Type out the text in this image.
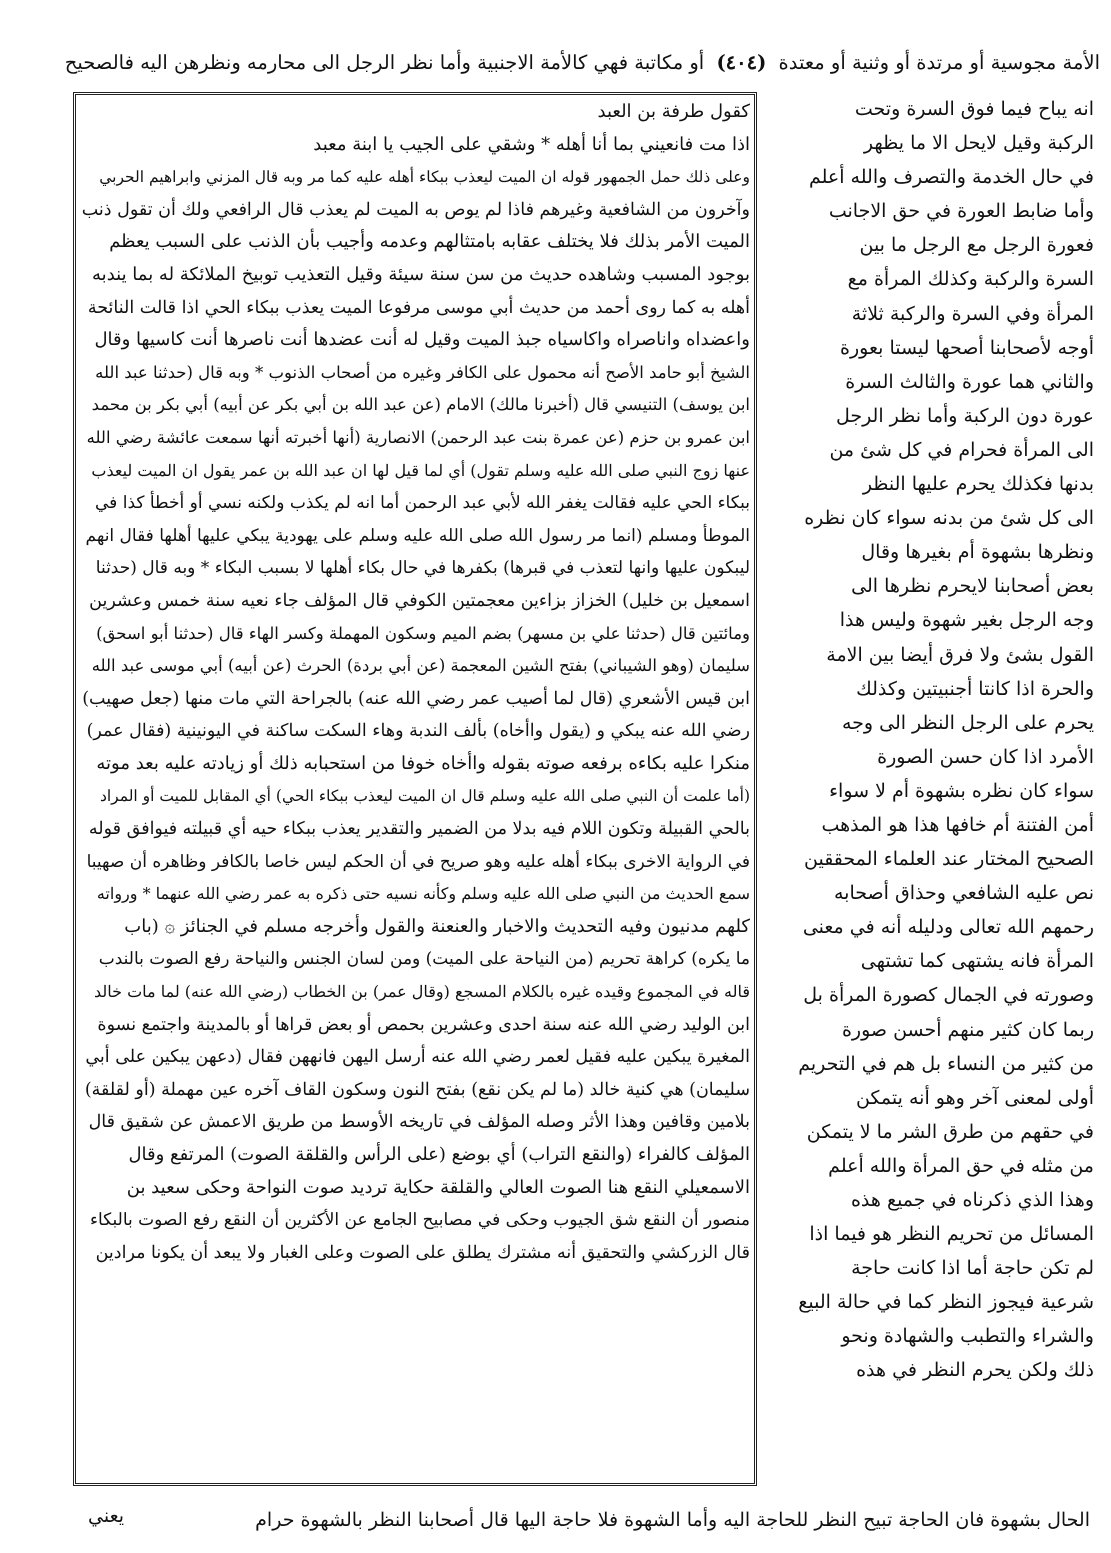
الأمة مجوسية أو مرتدة أو وثنية أو معتدة (٤٠٤) أو مكاتبة فهي كالأمة الاجنبية وأما نظر الرجل الى محارمه ونظرهن اليه فالصحيح
انه يباح فيما فوق السرة وتحت
الركبة وقيل لايحل الا ما يظهر
في حال الخدمة والتصرف والله أعلم
وأما ضابط العورة في حق الاجانب
فعورة الرجل مع الرجل ما بين
السرة والركبة وكذلك المرأة مع
المرأة وفي السرة والركبة ثلاثة
أوجه لأصحابنا أصحها ليستا بعورة
والثاني هما عورة والثالث السرة
عورة دون الركبة وأما نظر الرجل
الى المرأة فحرام في كل شئ من
بدنها فكذلك يحرم عليها النظر
الى كل شئ من بدنه سواء كان نظره
ونظرها بشهوة أم بغيرها وقال
بعض أصحابنا لايحرم نظرها الى
وجه الرجل بغير شهوة وليس هذا
القول بشئ ولا فرق أيضا بين الامة
والحرة اذا كانتا أجنبيتين وكذلك
يحرم على الرجل النظر الى وجه
الأمرد اذا كان حسن الصورة
سواء كان نظره بشهوة أم لا سواء
أمن الفتنة أم خافها هذا هو المذهب
الصحيح المختار عند العلماء المحققين
نص عليه الشافعي وحذاق أصحابه
رحمهم الله تعالى ودليله أنه في معنى
المرأة فانه يشتهى كما تشتهى
وصورته في الجمال كصورة المرأة بل
ربما كان كثير منهم أحسن صورة
من كثير من النساء بل هم في التحريم
أولى لمعنى آخر وهو أنه يتمكن
في حقهم من طرق الشر ما لا يتمكن
من مثله في حق المرأة والله أعلم
وهذا الذي ذكرناه في جميع هذه
المسائل من تحريم النظر هو فيما اذا
لم تكن حاجة أما اذا كانت حاجة
شرعية فيجوز النظر كما في حالة البيع
والشراء والتطبب والشهادة ونحو
ذلك ولكن يحرم النظر في هذه
كقول طرفة بن العبد
اذا مت فانعيني بما أنا أهله * وشقي على الجيب يا ابنة معبد
وعلى ذلك حمل الجمهور قوله ان الميت ليعذب ببكاء أهله عليه كما مر وبه قال المزني وابراهيم الحربي
وآخرون من الشافعية وغيرهم فاذا لم يوص به الميت لم يعذب قال الرافعي ولك أن تقول ذنب
الميت الأمر بذلك فلا يختلف عقابه بامتثالهم وعدمه وأجيب بأن الذنب على السبب يعظم
بوجود المسبب وشاهده حديث من سن سنة سيئة وقيل التعذيب توبيخ الملائكة له بما يندبه
أهله به كما روى أحمد من حديث أبي موسى مرفوعا الميت يعذب ببكاء الحي اذا قالت النائحة
واعضداه واناصراه واكاسياه جبذ الميت وقيل له أنت عضدها أنت ناصرها أنت كاسيها وقال
الشيخ أبو حامد الأصح أنه محمول على الكافر وغيره من أصحاب الذنوب * وبه قال (حدثنا عبد الله
ابن يوسف) التنيسي قال (أخبرنا مالك) الامام (عن عبد الله بن أبي بكر عن أبيه) أبي بكر بن محمد
ابن عمرو بن حزم (عن عمرة بنت عبد الرحمن) الانصارية (أنها أخبرته أنها سمعت عائشة رضي الله
عنها زوج النبي صلى الله عليه وسلم تقول) أي لما قيل لها ان عبد الله بن عمر يقول ان الميت ليعذب
ببكاء الحي عليه فقالت يغفر الله لأبي عبد الرحمن أما انه لم يكذب ولكنه نسي أو أخطأ كذا في
الموطأ ومسلم (انما مر رسول الله صلى الله عليه وسلم على يهودية يبكي عليها أهلها فقال انهم
ليبكون عليها وانها لتعذب في قبرها) بكفرها في حال بكاء أهلها لا بسبب البكاء * وبه قال (حدثنا
اسمعيل بن خليل) الخزاز بزاءين معجمتين الكوفي قال المؤلف جاء نعيه سنة خمس وعشرين
ومائتين قال (حدثنا علي بن مسهر) بضم الميم وسكون المهملة وكسر الهاء قال (حدثنا أبو اسحق)
سليمان (وهو الشيباني) بفتح الشين المعجمة (عن أبي بردة) الحرث (عن أبيه) أبي موسى عبد الله
ابن قيس الأشعري (قال لما أصيب عمر رضي الله عنه) بالجراحة التي مات منها (جعل صهيب)
رضي الله عنه يبكي و (يقول واأخاه) بألف الندبة وهاء السكت ساكنة في اليونينية (فقال عمر)
منكرا عليه بكاءه برفعه صوته بقوله واأخاه خوفا من استحبابه ذلك أو زيادته عليه بعد موته
(أما علمت أن النبي صلى الله عليه وسلم قال ان الميت ليعذب ببكاء الحي) أي المقابل للميت أو المراد
بالحي القبيلة وتكون اللام فيه بدلا من الضمير والتقدير يعذب ببكاء حيه أي قبيلته فيوافق قوله
في الرواية الاخرى ببكاء أهله عليه وهو صريح في أن الحكم ليس خاصا بالكافر وظاهره أن صهيبا
سمع الحديث من النبي صلى الله عليه وسلم وكأنه نسيه حتى ذكره به عمر رضي الله عنهما * ورواته
كلهم مدنيون وفيه التحديث والاخبار والعنعنة والقول وأخرجه مسلم في الجنائز ۞ (باب
ما يكره) كراهة تحريم (من النياحة على الميت) ومن لسان الجنس والنياحة رفع الصوت بالندب
قاله في المجموع وقيده غيره بالكلام المسجع (وقال عمر) بن الخطاب (رضي الله عنه) لما مات خالد
ابن الوليد رضي الله عنه سنة احدى وعشرين بحمص أو بعض قراها أو بالمدينة واجتمع نسوة
المغيرة يبكين عليه فقيل لعمر رضي الله عنه أرسل اليهن فانههن فقال (دعهن يبكين على أبي
سليمان) هي كنية خالد (ما لم يكن نقع) بفتح النون وسكون القاف آخره عين مهملة (أو لقلقة)
بلامين وقافين وهذا الأثر وصله المؤلف في تاريخه الأوسط من طريق الاعمش عن شقيق قال
المؤلف كالفراء (والنقع التراب) أي بوضع (على الرأس والقلقة الصوت) المرتفع وقال
الاسمعيلي النقع هنا الصوت العالي والقلقة حكاية ترديد صوت النواحة وحكى سعيد بن
منصور أن النقع شق الجيوب وحكى في مصابيح الجامع عن الأكثرين أن النقع رفع الصوت بالبكاء
قال الزركشي والتحقيق أنه مشترك يطلق على الصوت وعلى الغبار ولا يبعد أن يكونا مرادين
الحال بشهوة فان الحاجة تبيح النظر للحاجة اليه وأما الشهوة فلا حاجة اليها قال أصحابنا النظر بالشهوة حرام
يعني
